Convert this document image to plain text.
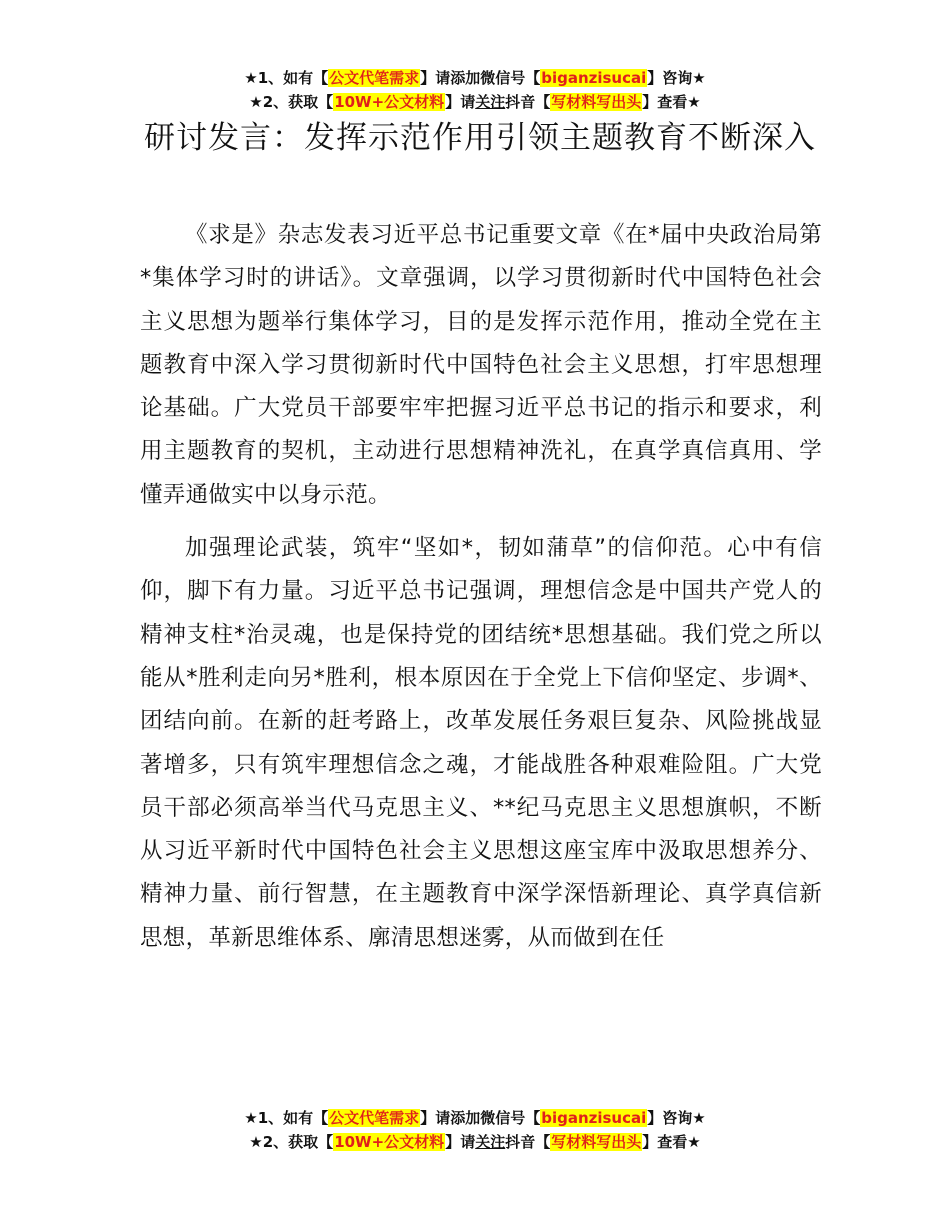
★1、如有【公文代笔需求】请添加微信号【biganzisucai】咨询★
★2、获取【10W+公文材料】请关注抖音【写材料写出头】查看★
研讨发言：发挥示范作用引领主题教育不断深入

《求是》杂志发表习近平总书记重要文章《在*届中央政治局第*集体学习时的讲话》。文章强调，以学习贯彻新时代中国特色社会主义思想为题举行集体学习，目的是发挥示范作用，推动全党在主题教育中深入学习贯彻新时代中国特色社会主义思想，打牢思想理论基础。广大党员干部要牢牢把握习近平总书记的指示和要求，利用主题教育的契机，主动进行思想精神洗礼，在真学真信真用、学懂弄通做实中以身示范。

加强理论武装，筑牢“坚如*，韧如蒲草”的信仰范。心中有信仰，脚下有力量。习近平总书记强调，理想信念是中国共产党人的精神支柱*治灵魂，也是保持党的团结统*思想基础。我们党之所以能从*胜利走向另*胜利，根本原因在于全党上下信仰坚定、步调*、团结向前。在新的赶考路上，改革发展任务艰巨复杂、风险挑战显著增多，只有筑牢理想信念之魂，才能战胜各种艰难险阻。广大党员干部必须高举当代马克思主义、**纪马克思主义思想旗帜，不断从习近平新时代中国特色社会主义思想这座宝库中汲取思想养分、精神力量、前行智慧，在主题教育中深学深悟新理论、真学真信新思想，革新思维体系、廓清思想迷雾，从而做到在任

★1、如有【公文代笔需求】请添加微信号【biganzisucai】咨询★
★2、获取【10W+公文材料】请关注抖音【写材料写出头】查看★
